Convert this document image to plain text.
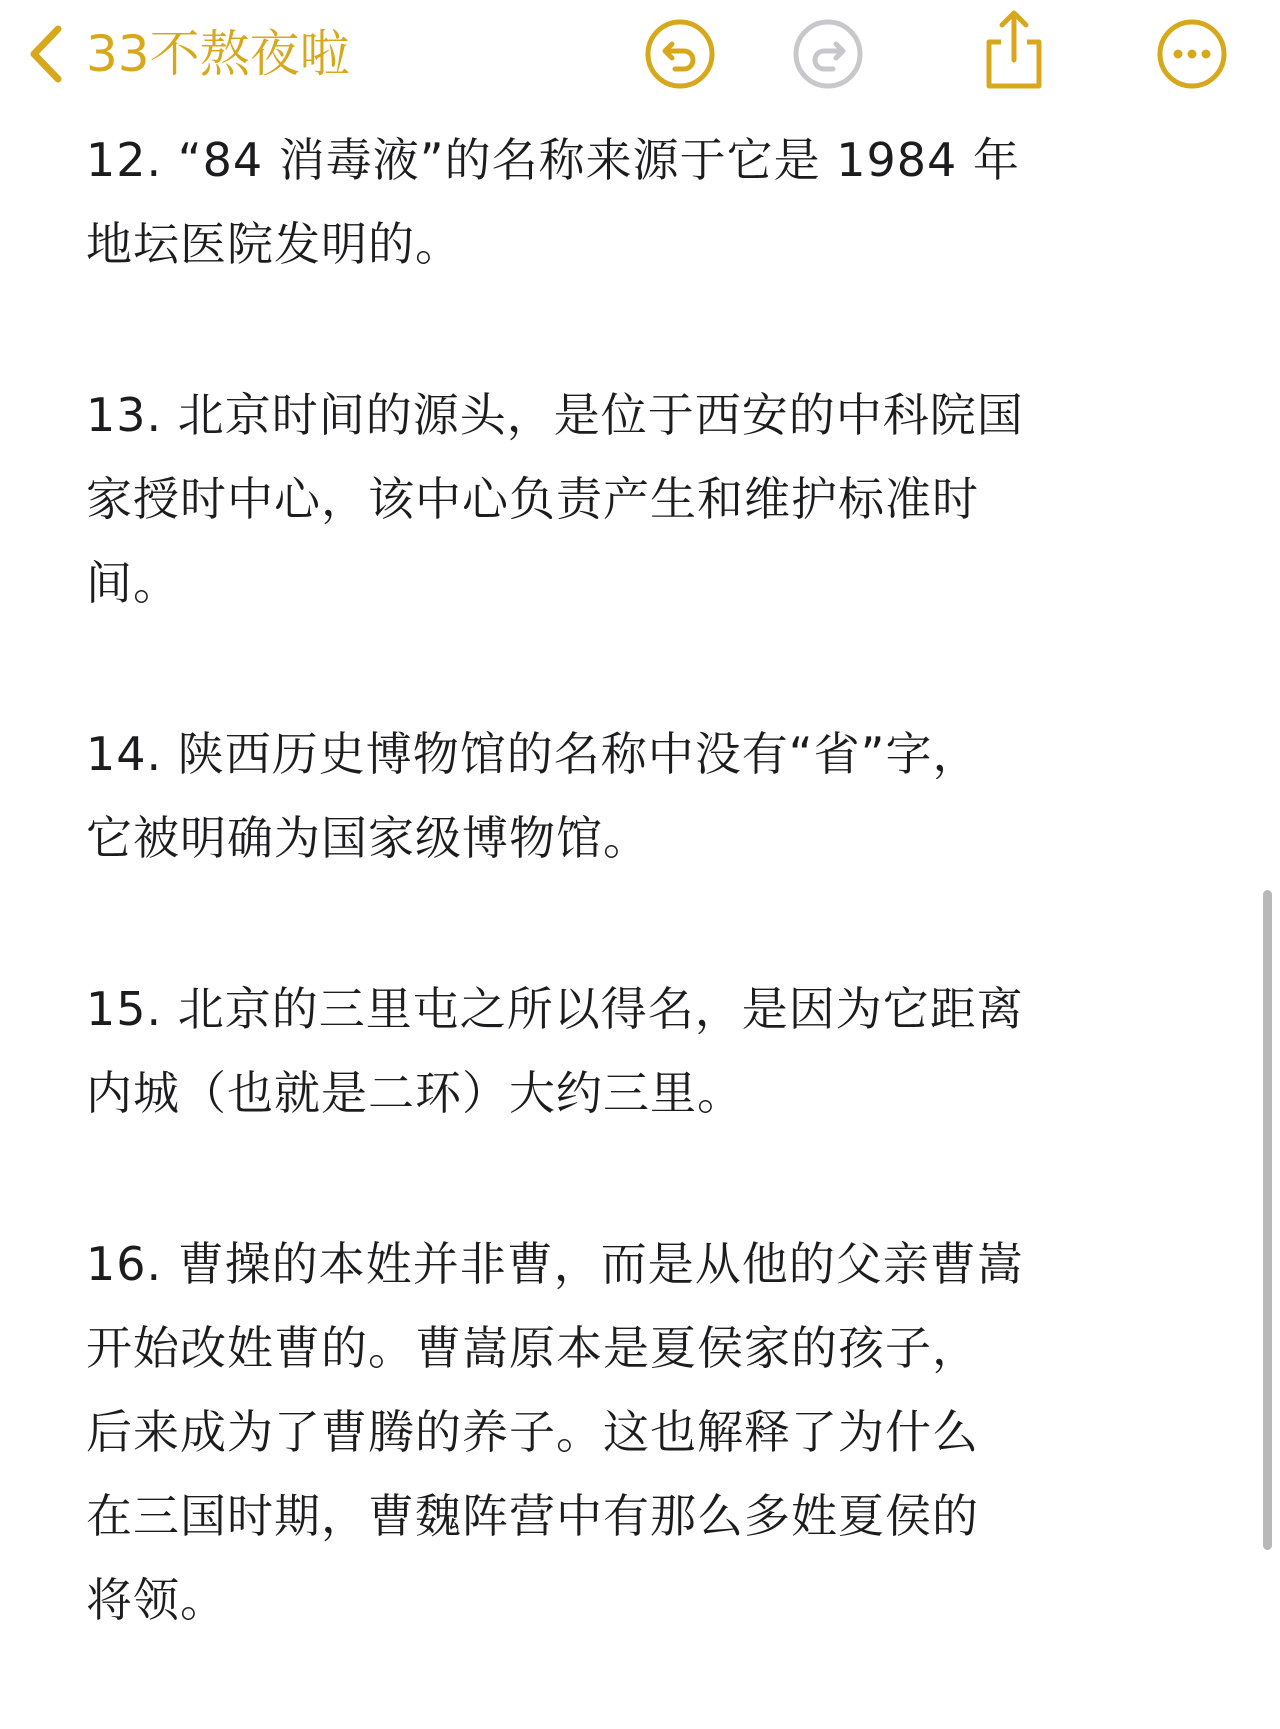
33不熬夜啦

12. “84 消毒液”的名称来源于它是 1984 年
地坛医院发明的。

13. 北京时间的源头，是位于西安的中科院国
家授时中心，该中心负责产生和维护标准时
间。

14. 陕西历史博物馆的名称中没有“省”字，
它被明确为国家级博物馆。

15. 北京的三里屯之所以得名，是因为它距离
内城（也就是二环）大约三里。

16. 曹操的本姓并非曹，而是从他的父亲曹嵩
开始改姓曹的。曹嵩原本是夏侯家的孩子，
后来成为了曹腾的养子。这也解释了为什么
在三国时期，曹魏阵营中有那么多姓夏侯的
将领。
